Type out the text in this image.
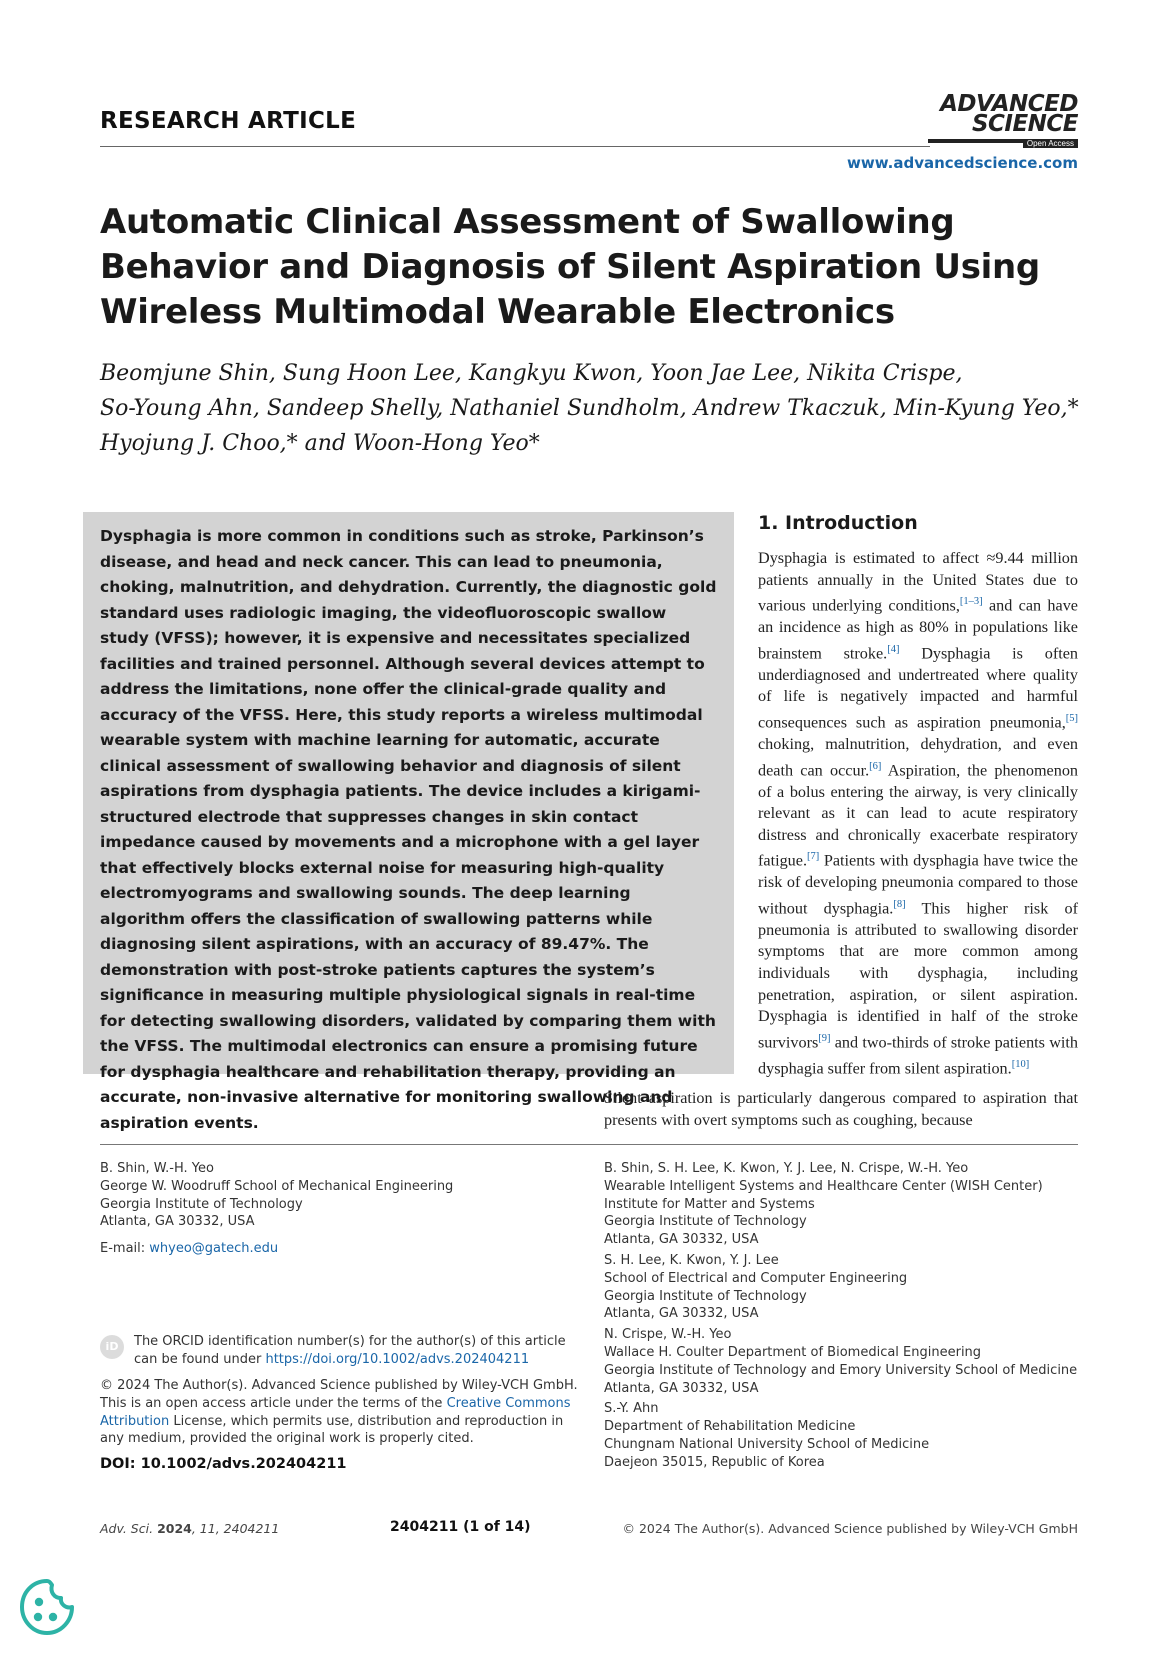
RESEARCH ARTICLE
ADVANCED
SCIENCE
Open Access
www.advancedscience.com
Automatic Clinical Assessment of Swallowing Behavior and Diagnosis of Silent Aspiration Using Wireless Multimodal Wearable Electronics
Beomjune Shin, Sung Hoon Lee, Kangkyu Kwon, Yoon Jae Lee, Nikita Crispe,
So-Young Ahn, Sandeep Shelly, Nathaniel Sundholm, Andrew Tkaczuk, Min-Kyung Yeo,*
Hyojung J. Choo,* and Woon-Hong Yeo*
Dysphagia is more common in conditions such as stroke, Parkinson’s disease, and head and neck cancer. This can lead to pneumonia, choking, malnutrition, and dehydration. Currently, the diagnostic gold standard uses radiologic imaging, the videofluoroscopic swallow study (VFSS); however, it is expensive and necessitates specialized facilities and trained personnel. Although several devices attempt to address the limitations, none offer the clinical-grade quality and accuracy of the VFSS. Here, this study reports a wireless multimodal wearable system with machine learning for automatic, accurate clinical assessment of swallowing behavior and diagnosis of silent aspirations from dysphagia patients. The device includes a kirigami-structured electrode that suppresses changes in skin contact impedance caused by movements and a microphone with a gel layer that effectively blocks external noise for measuring high-quality electromyograms and swallowing sounds. The deep learning algorithm offers the classification of swallowing patterns while diagnosing silent aspirations, with an accuracy of 89.47%. The demonstration with post-stroke patients captures the system’s significance in measuring multiple physiological signals in real-time for detecting swallowing disorders, validated by comparing them with the VFSS. The multimodal electronics can ensure a promising future for dysphagia healthcare and rehabilitation therapy, providing an accurate, non-invasive alternative for monitoring swallowing and aspiration events.
1. Introduction
Dysphagia is estimated to affect ≈9.44 million patients annually in the United States due to various underlying conditions,[1–3] and can have an incidence as high as 80% in populations like brainstem stroke.[4] Dysphagia is often underdiagnosed and undertreated where quality of life is negatively impacted and harmful consequences such as aspiration pneumonia,[5] choking, malnutrition, dehydration, and even death can occur.[6] Aspiration, the phenomenon of a bolus entering the airway, is very clinically relevant as it can lead to acute respiratory distress and chronically exacerbate respiratory fatigue.[7] Patients with dysphagia have twice the risk of developing pneumonia compared to those without dysphagia.[8] This higher risk of pneumonia is attributed to swallowing disorder symptoms that are more common among individuals with dysphagia, including penetration, aspiration, or silent aspiration. Dysphagia is identified in half of the stroke survivors[9] and two-thirds of stroke patients with dysphagia suffer from silent aspiration.[10]
Silent aspiration is particularly dangerous compared to aspiration that presents with overt symptoms such as coughing, because

B. Shin, W.-H. Yeo

George W. Woodruff School of Mechanical Engineering

Georgia Institute of Technology

Atlanta, GA 30332, USA

E-mail: whyeo@gatech.edu

iD	The ORCID identification number(s) for the author(s) of this article can be found under https://doi.org/10.1002/advs.202404211
© 2024 The Author(s). Advanced Science published by Wiley-VCH GmbH. This is an open access article under the terms of the Creative Commons Attribution License, which permits use, distribution and reproduction in any medium, provided the original work is properly cited.
DOI: 10.1002/advs.202404211

B. Shin, S. H. Lee, K. Kwon, Y. J. Lee, N. Crispe, W.-H. Yeo

Wearable Intelligent Systems and Healthcare Center (WISH Center)

Institute for Matter and Systems

Georgia Institute of Technology

Atlanta, GA 30332, USA

S. H. Lee, K. Kwon, Y. J. Lee

School of Electrical and Computer Engineering

Georgia Institute of Technology

Atlanta, GA 30332, USA

N. Crispe, W.-H. Yeo

Wallace H. Coulter Department of Biomedical Engineering

Georgia Institute of Technology and Emory University School of Medicine

Atlanta, GA 30332, USA

S.-Y. Ahn

Department of Rehabilitation Medicine

Chungnam National University School of Medicine

Daejeon 35015, Republic of Korea

Adv. Sci. 2024, 11, 2404211	2404211 (1 of 14)	© 2024 The Author(s). Advanced Science published by Wiley-VCH GmbH
